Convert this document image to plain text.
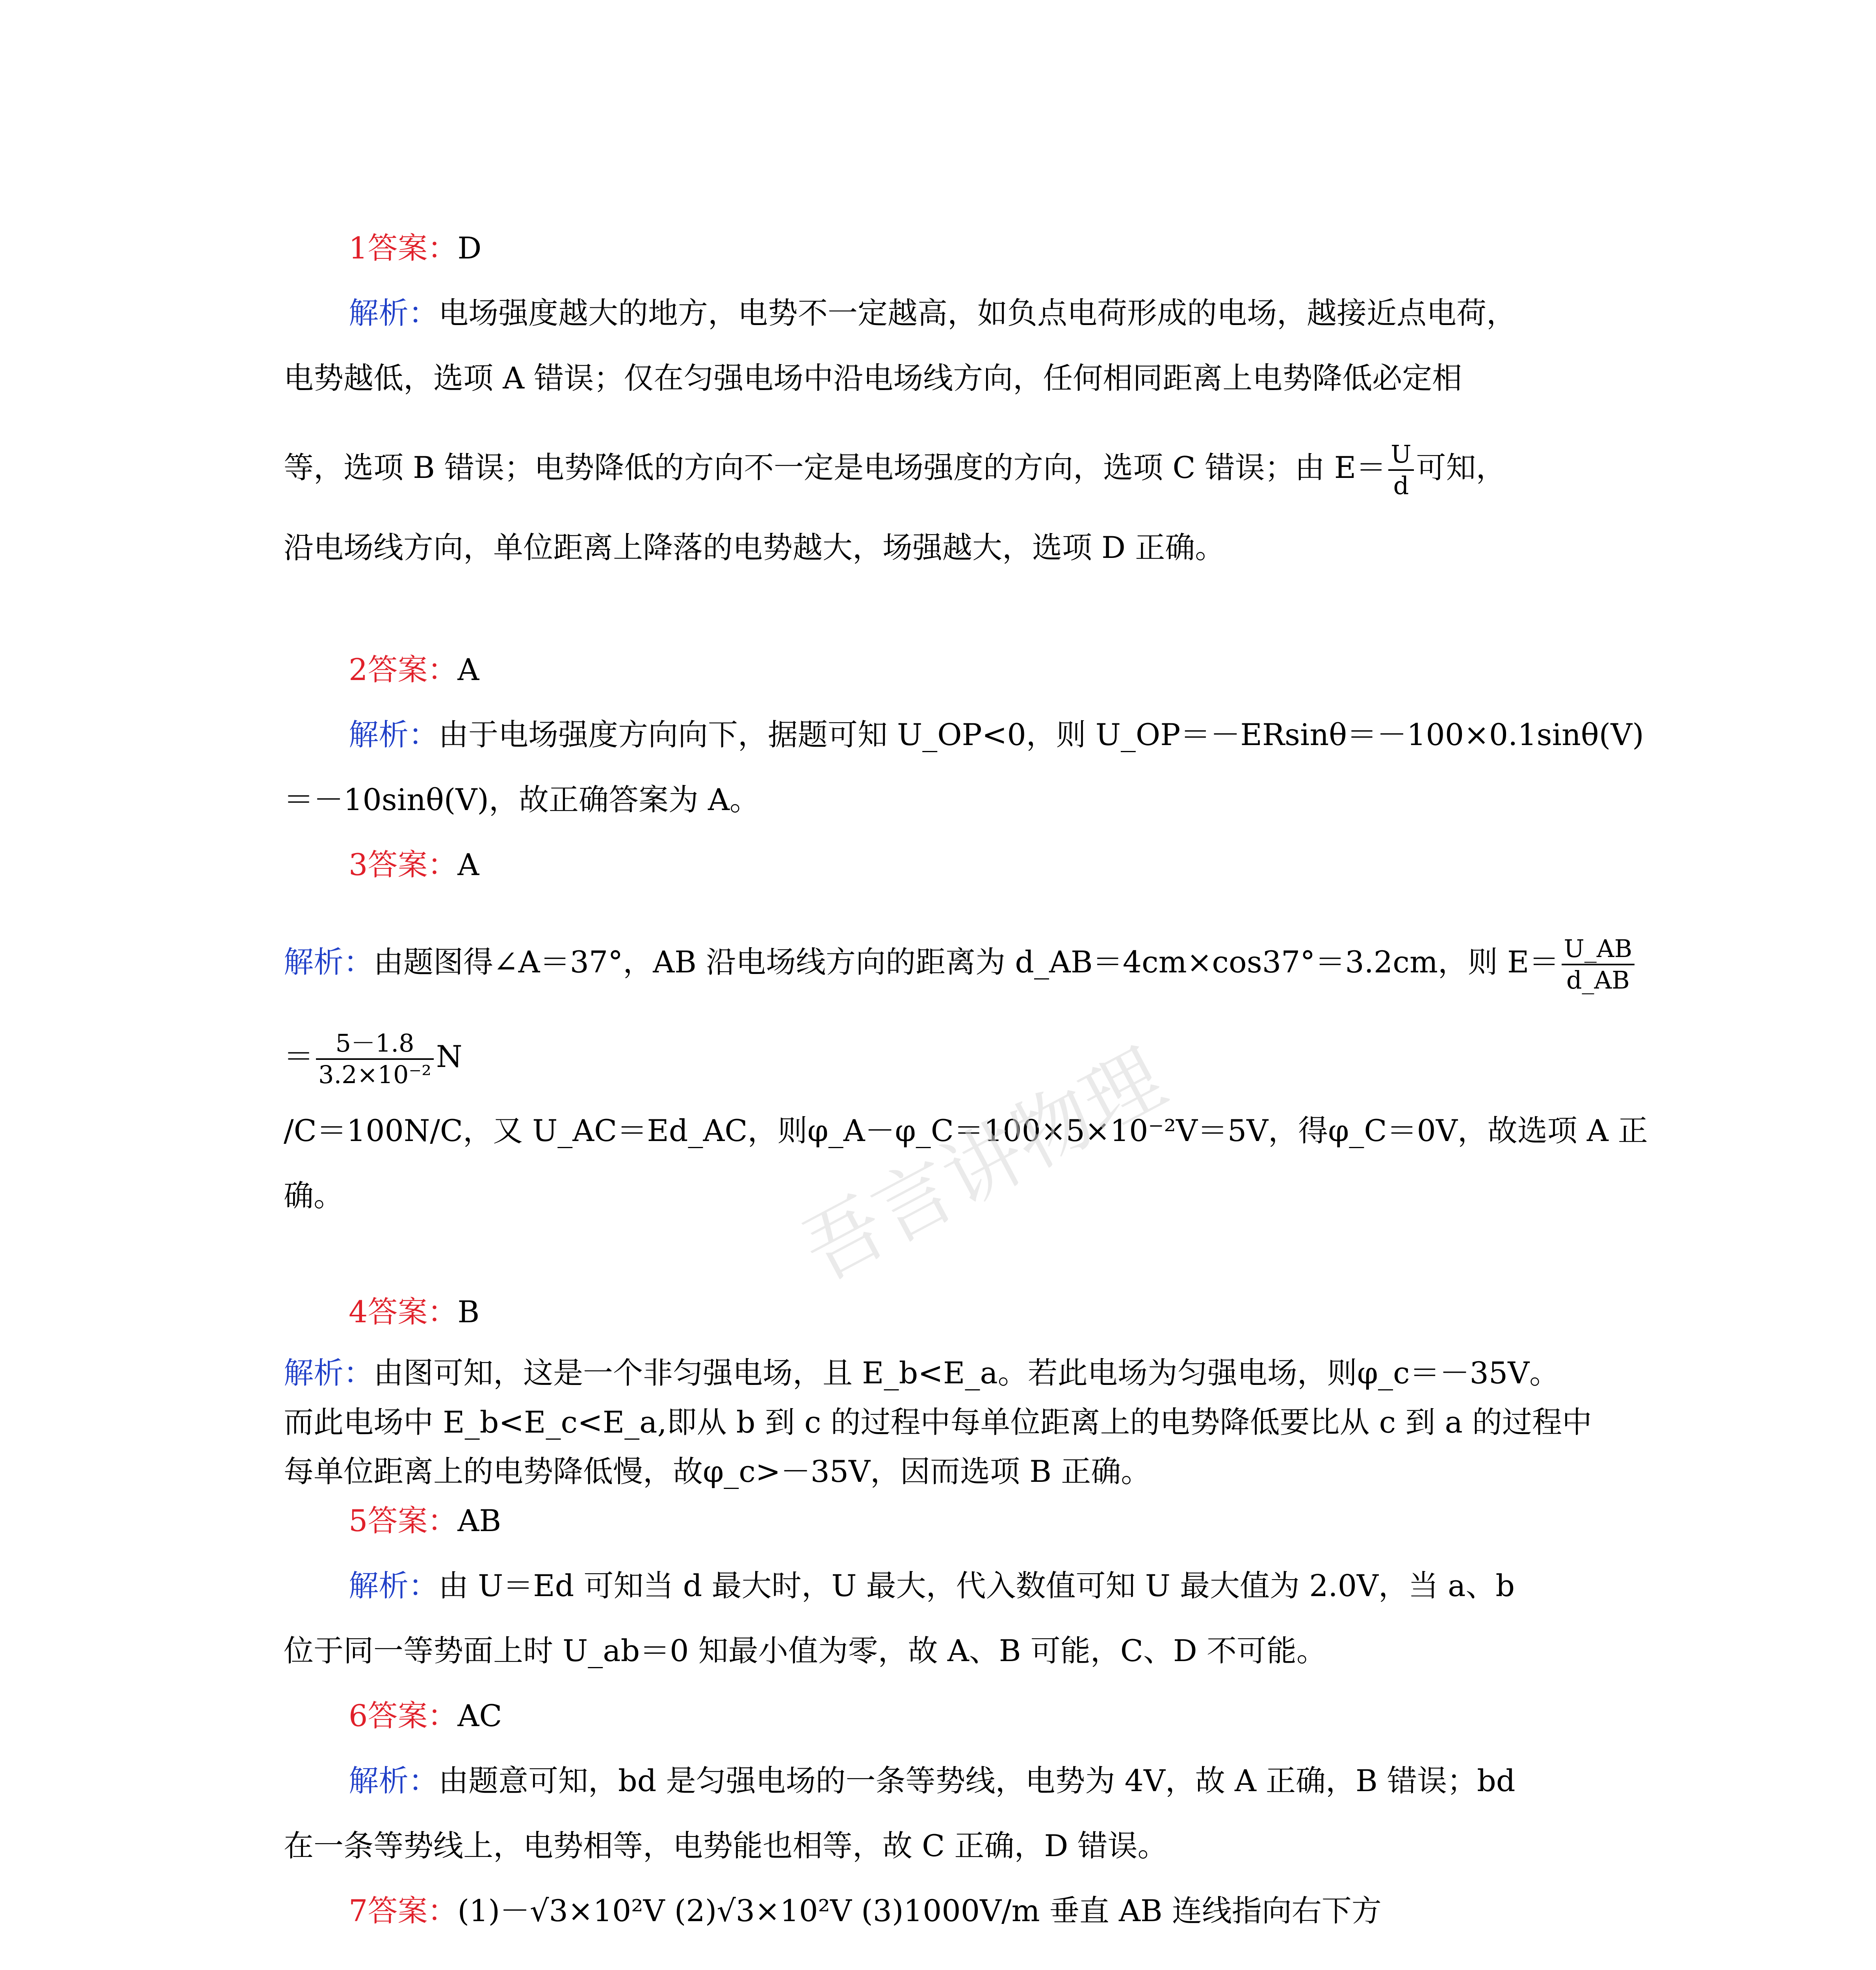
1答案：D
解析：电场强度越大的地方，电势不一定越高，如负点电荷形成的电场，越接近点电荷，
电势越低，选项 A 错误；仅在匀强电场中沿电场线方向，任何相同距离上电势降低必定相
等，选项 B 错误；电势降低的方向不一定是电场强度的方向，选项 C 错误；由 $E= \frac{U}{d}$ 可知，
沿电场线方向，单位距离上降落的电势越大，场强越大，选项 D 正确。
2答案：A
解析：由于电场强度方向向下，据题可知 U_OP<0，则 U_OP＝－ERsinθ＝－100×0.1sinθ(V)
＝－10sinθ(V)，故正确答案为 A。
3答案：A
解析：由题图得∠A＝37°，AB 沿电场线方向的距离为 d_AB＝4cm×cos37°＝3.2cm，则 $E= \frac{U\_AB}{d\_AB}$
＝ $\frac{5-1.8}{\text{3.2×10⁻²}}$ N
/C＝100N/C，又 U_AC＝Ed_AC，则φ_A－φ_C＝100×5×10⁻²V＝5V，得φ_C＝0V，故选项 A 正
确。
4答案：B
解析：由图可知，这是一个非匀强电场，且 E_b<E_a。若此电场为匀强电场，则φ_c＝－35V。
而此电场中 E_b<E_c<E_a,即从 b 到 c 的过程中每单位距离上的电势降低要比从 c 到 a 的过程中
每单位距离上的电势降低慢，故φ_c>－35V，因而选项 B 正确。
5答案：AB
解析：由 U＝Ed 可知当 d 最大时，U 最大，代入数值可知 U 最大值为 2.0V，当 a、b
位于同一等势面上时 U_ab＝0 知最小值为零，故 A、B 可能，C、D 不可能。
6答案：AC
解析：由题意可知，bd 是匀强电场的一条等势线，电势为 4V，故 A 正确，B 错误；bd
在一条等势线上，电势相等，电势能也相等，故 C 正确，D 错误。
7答案：(1)－√3×10²V (2)√3×10²V (3)1000V/m 垂直 AB 连线指向右下方
吾言讲物理
